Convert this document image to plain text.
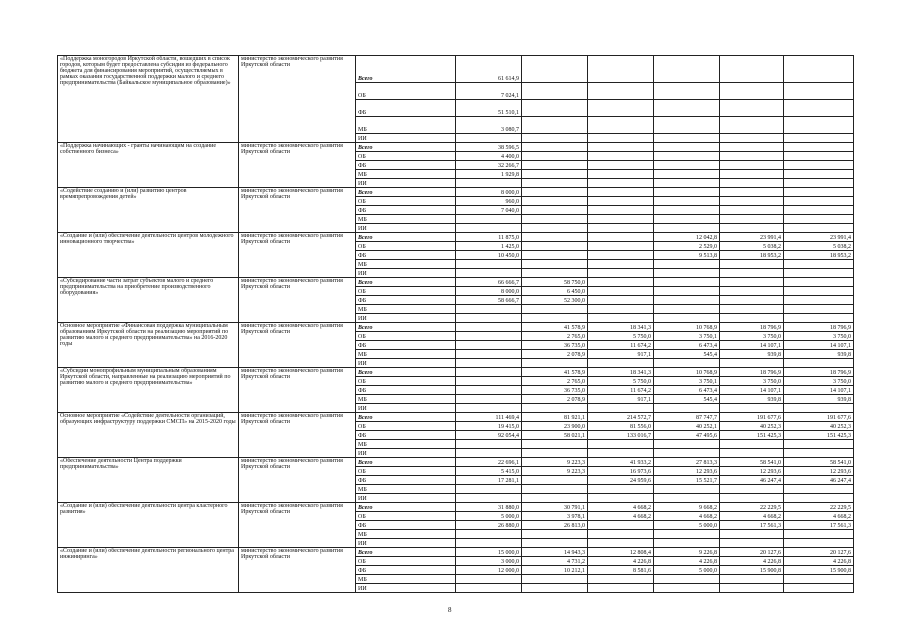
«Поддержка моногородов Иркутской области, вошедших в список городов, которым будет предоставлена субсидия из федерального бюджета для финансирования мероприятий, осуществляемых в рамках оказания государственной поддержки малого и среднего предпринимательства (Байкальское муниципальное образование)»	министерство экономического развития Иркутской области	Всего	61 614,9					
		ОБ	7 024,1					
		ФБ	51 510,1					
		МБ	3 080,7					
		ИИ						
«Поддержка начинающих - гранты начинающим на создание собственного бизнеса»	министерство экономического развития Иркутской области	Всего	38 596,5					
		ОБ	4 400,0					
		ФБ	32 266,7					
		МБ	1 929,8					
		ИИ						
«Содействие созданию и (или) развитию центров времяпрепровождения детей»	министерство экономического развития Иркутской области	Всего	8 000,0					
		ОБ	960,0					
		ФБ	7 040,0					
		МБ						
		ИИ						
«Создание и (или) обеспечение деятельности центров молодежного инновационного творчества»	министерство экономического развития Иркутской области	Всего	11 875,0			12 042,8	23 991,4	23 991,4
		ОБ	1 425,0			2 529,0	5 038,2	5 038,2
		ФБ	10 450,0			9 513,8	18 953,2	18 953,2
		МБ						
		ИИ						
«Субсидирование части затрат субъектов малого и среднего предпринимательства на приобретение производственного оборудования»	министерство экономического развития Иркутской области	Всего	66 666,7	58 750,0				
		ОБ	8 000,0	6 450,0				
		ФБ	58 666,7	52 300,0				
		МБ						
		ИИ						
Основное мероприятие «Финансовая поддержка муниципальным образованиям Иркутской области на реализацию мероприятий по развитию малого и среднего предпринимательства» на 2016-2020 годы	министерство экономического развития Иркутской области	Всего		41 578,9	18 341,3	10 768,9	18 796,9	18 796,9
		ОБ		2 765,0	5 750,0	3 750,1	3 750,0	3 750,0
		ФБ		36 735,0	11 674,2	6 473,4	14 107,1	14 107,1
		МБ		2 078,9	917,1	545,4	939,8	939,8
		ИИ						
«Субсидии монопрофильным муниципальным образованиям Иркутской области, направленные на реализацию мероприятий по развитию малого и среднего предпринимательства»	министерство экономического развития Иркутской области	Всего		41 578,9	18 341,3	10 768,9	18 796,9	18 796,9
		ОБ		2 765,0	5 750,0	3 750,1	3 750,0	3 750,0
		ФБ		36 735,0	11 674,2	6 473,4	14 107,1	14 107,1
		МБ		2 078,9	917,1	545,4	939,8	939,8
		ИИ						
Основное мероприятие «Содействие деятельности организаций, образующих инфраструктуру поддержки СМСП» на 2015-2020 годы	министерство экономического развития Иркутской области	Всего	111 469,4	81 921,1	214 572,7	87 747,7	191 677,6	191 677,6
		ОБ	19 415,0	23 900,0	81 556,0	40 252,1	40 252,3	40 252,3
		ФБ	92 054,4	58 021,1	133 016,7	47 495,6	151 425,3	151 425,3
		МБ						
		ИИ						
«Обеспечение деятельности Центра поддержки предпринимательства»	министерство экономического развития Иркутской области	Всего	22 696,1	9 223,3	41 933,2	27 813,3	58 541,0	58 541,0
		ОБ	5 415,0	9 223,3	16 973,6	12 293,6	12 293,6	12 293,6
		ФБ	17 281,1		24 959,6	15 521,7	46 247,4	46 247,4
		МБ						
		ИИ						
«Создание и (или) обеспечение деятельности центра кластерного развития»	министерство экономического развития Иркутской области	Всего	31 880,0	30 791,1	4 668,2	9 668,2	22 229,5	22 229,5
		ОБ	5 000,0	3 978,1	4 668,2	4 668,2	4 668,2	4 668,2
		ФБ	26 880,0	26 813,0		5 000,0	17 561,3	17 561,3
		МБ						
		ИИ						
«Создание и (или) обеспечение деятельности регионального центра инжиниринга»	министерство экономического развития Иркутской области	Всего	15 000,0	14 943,3	12 808,4	9 226,8	20 127,6	20 127,6
		ОБ	3 000,0	4 731,2	4 226,8	4 226,8	4 226,8	4 226,8
		ФБ	12 000,0	10 212,1	8 581,6	5 000,0	15 900,8	15 900,8
		МБ						
		ИИ						
8
